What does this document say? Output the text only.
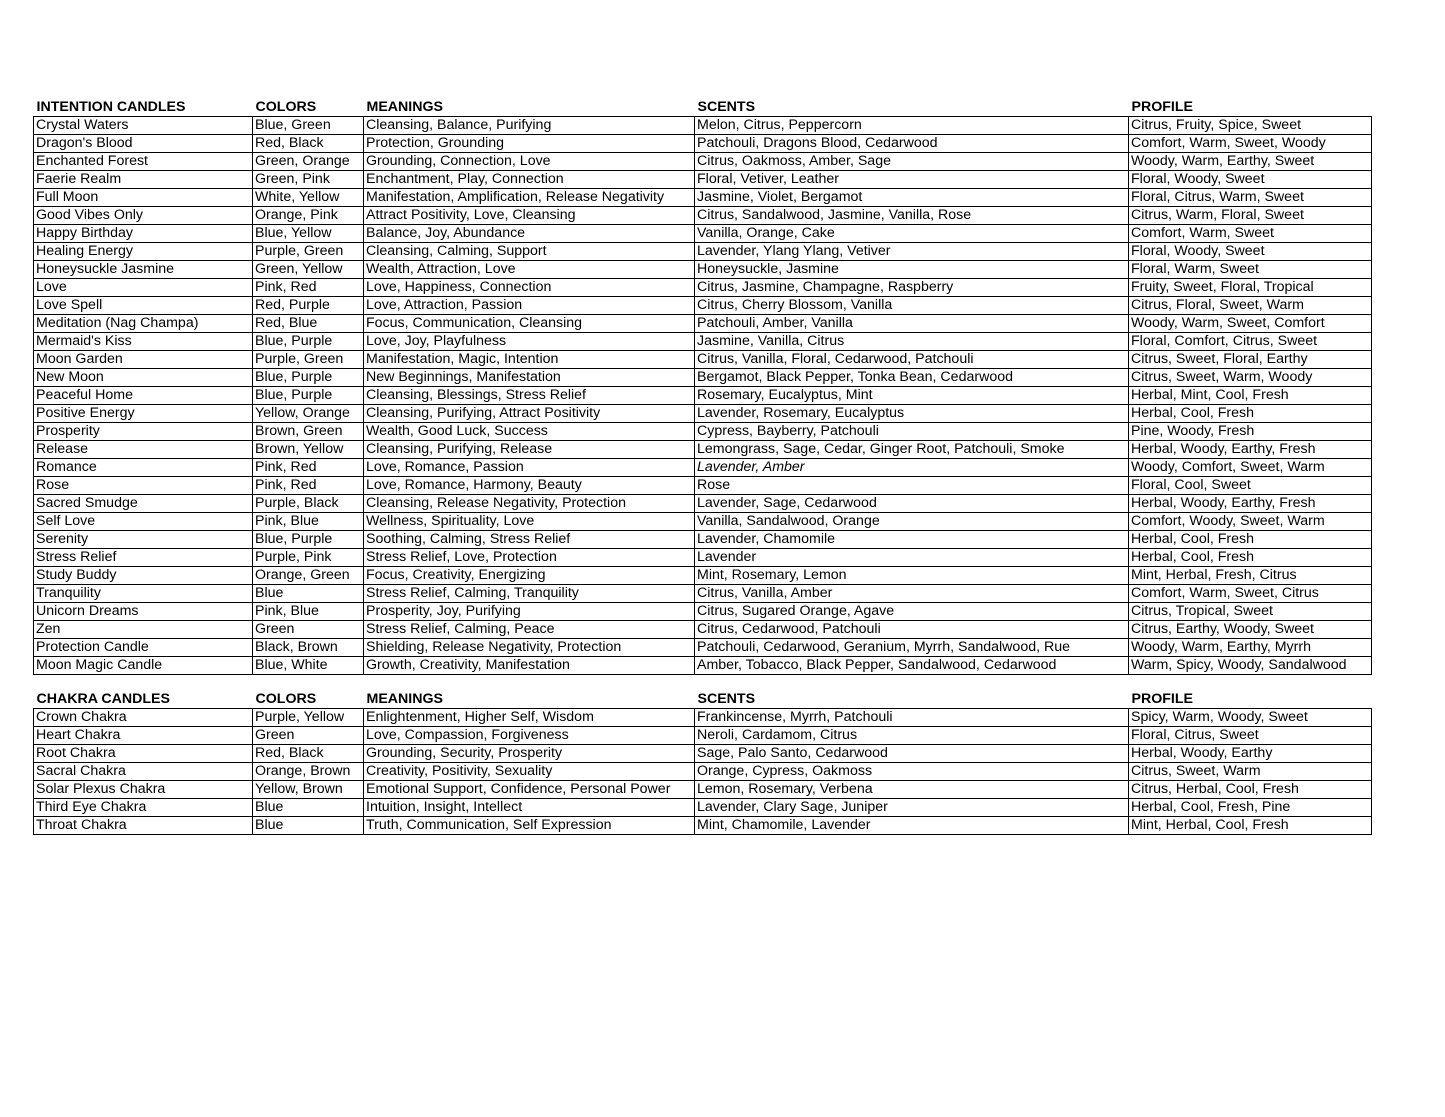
INTENTION CANDLES	COLORS	MEANINGS	SCENTS	PROFILE
Crystal Waters	Blue, Green	Cleansing, Balance, Purifying	Melon, Citrus, Peppercorn	Citrus, Fruity, Spice, Sweet
Dragon's Blood	Red, Black	Protection, Grounding	Patchouli, Dragons Blood, Cedarwood	Comfort, Warm, Sweet, Woody
Enchanted Forest	Green, Orange	Grounding, Connection, Love	Citrus, Oakmoss, Amber, Sage	Woody, Warm, Earthy, Sweet
Faerie Realm	Green, Pink	Enchantment, Play, Connection	Floral, Vetiver, Leather	Floral, Woody, Sweet
Full Moon	White, Yellow	Manifestation, Amplification, Release Negativity	Jasmine, Violet, Bergamot	Floral, Citrus, Warm, Sweet
Good Vibes Only	Orange, Pink	Attract Positivity, Love, Cleansing	Citrus, Sandalwood, Jasmine, Vanilla, Rose	Citrus, Warm, Floral, Sweet
Happy Birthday	Blue, Yellow	Balance, Joy, Abundance	Vanilla, Orange, Cake	Comfort, Warm, Sweet
Healing Energy	Purple, Green	Cleansing, Calming, Support	Lavender, Ylang Ylang, Vetiver	Floral, Woody, Sweet
Honeysuckle Jasmine	Green, Yellow	Wealth, Attraction, Love	Honeysuckle, Jasmine	Floral, Warm, Sweet
Love	Pink, Red	Love, Happiness, Connection	Citrus, Jasmine, Champagne, Raspberry	Fruity, Sweet, Floral, Tropical
Love Spell	Red, Purple	Love, Attraction, Passion	Citrus, Cherry Blossom, Vanilla	Citrus, Floral, Sweet, Warm
Meditation (Nag Champa)	Red, Blue	Focus, Communication, Cleansing	Patchouli, Amber, Vanilla	Woody, Warm, Sweet, Comfort
Mermaid's Kiss	Blue, Purple	Love, Joy, Playfulness	Jasmine, Vanilla, Citrus	Floral, Comfort, Citrus, Sweet
Moon Garden	Purple, Green	Manifestation, Magic, Intention	Citrus, Vanilla, Floral, Cedarwood, Patchouli	Citrus, Sweet, Floral, Earthy
New Moon	Blue, Purple	New Beginnings, Manifestation	Bergamot, Black Pepper, Tonka Bean, Cedarwood	Citrus, Sweet, Warm, Woody
Peaceful Home	Blue, Purple	Cleansing, Blessings, Stress Relief	Rosemary, Eucalyptus, Mint	Herbal, Mint, Cool, Fresh
Positive Energy	Yellow, Orange	Cleansing, Purifying, Attract Positivity	Lavender, Rosemary, Eucalyptus	Herbal, Cool, Fresh
Prosperity	Brown, Green	Wealth, Good Luck, Success	Cypress, Bayberry, Patchouli	Pine, Woody, Fresh
Release	Brown, Yellow	Cleansing, Purifying, Release	Lemongrass, Sage, Cedar, Ginger Root, Patchouli, Smoke	Herbal, Woody, Earthy, Fresh
Romance	Pink, Red	Love, Romance, Passion	Lavender, Amber	Woody, Comfort, Sweet, Warm
Rose	Pink, Red	Love, Romance, Harmony, Beauty	Rose	Floral, Cool, Sweet
Sacred Smudge	Purple, Black	Cleansing, Release Negativity, Protection	Lavender, Sage, Cedarwood	Herbal, Woody, Earthy, Fresh
Self Love	Pink, Blue	Wellness, Spirituality, Love	Vanilla, Sandalwood, Orange	Comfort, Woody, Sweet, Warm
Serenity	Blue, Purple	Soothing, Calming, Stress Relief	Lavender, Chamomile	Herbal, Cool, Fresh
Stress Relief	Purple, Pink	Stress Relief, Love, Protection	Lavender	Herbal, Cool, Fresh
Study Buddy	Orange, Green	Focus, Creativity, Energizing	Mint, Rosemary, Lemon	Mint, Herbal, Fresh, Citrus
Tranquility	Blue	Stress Relief, Calming, Tranquility	Citrus, Vanilla, Amber	Comfort, Warm, Sweet, Citrus
Unicorn Dreams	Pink, Blue	Prosperity, Joy, Purifying	Citrus, Sugared Orange, Agave	Citrus, Tropical, Sweet
Zen	Green	Stress Relief, Calming, Peace	Citrus, Cedarwood, Patchouli	Citrus, Earthy, Woody, Sweet
Protection Candle	Black, Brown	Shielding, Release Negativity, Protection	Patchouli, Cedarwood, Geranium, Myrrh, Sandalwood, Rue	Woody, Warm, Earthy, Myrrh
Moon Magic Candle	Blue, White	Growth, Creativity, Manifestation	Amber, Tobacco, Black Pepper, Sandalwood, Cedarwood	Warm, Spicy, Woody, Sandalwood
CHAKRA CANDLES	COLORS	MEANINGS	SCENTS	PROFILE
Crown Chakra	Purple, Yellow	Enlightenment, Higher Self, Wisdom	Frankincense, Myrrh, Patchouli	Spicy, Warm, Woody, Sweet
Heart Chakra	Green	Love, Compassion, Forgiveness	Neroli, Cardamom, Citrus	Floral, Citrus, Sweet
Root Chakra	Red, Black	Grounding, Security, Prosperity	Sage, Palo Santo, Cedarwood	Herbal, Woody, Earthy
Sacral Chakra	Orange, Brown	Creativity, Positivity, Sexuality	Orange, Cypress, Oakmoss	Citrus, Sweet, Warm
Solar Plexus Chakra	Yellow, Brown	Emotional Support, Confidence, Personal Power	Lemon, Rosemary, Verbena	Citrus, Herbal, Cool, Fresh
Third Eye Chakra	Blue	Intuition, Insight, Intellect	Lavender, Clary Sage, Juniper	Herbal, Cool, Fresh, Pine
Throat Chakra	Blue	Truth, Communication, Self Expression	Mint, Chamomile, Lavender	Mint, Herbal, Cool, Fresh
